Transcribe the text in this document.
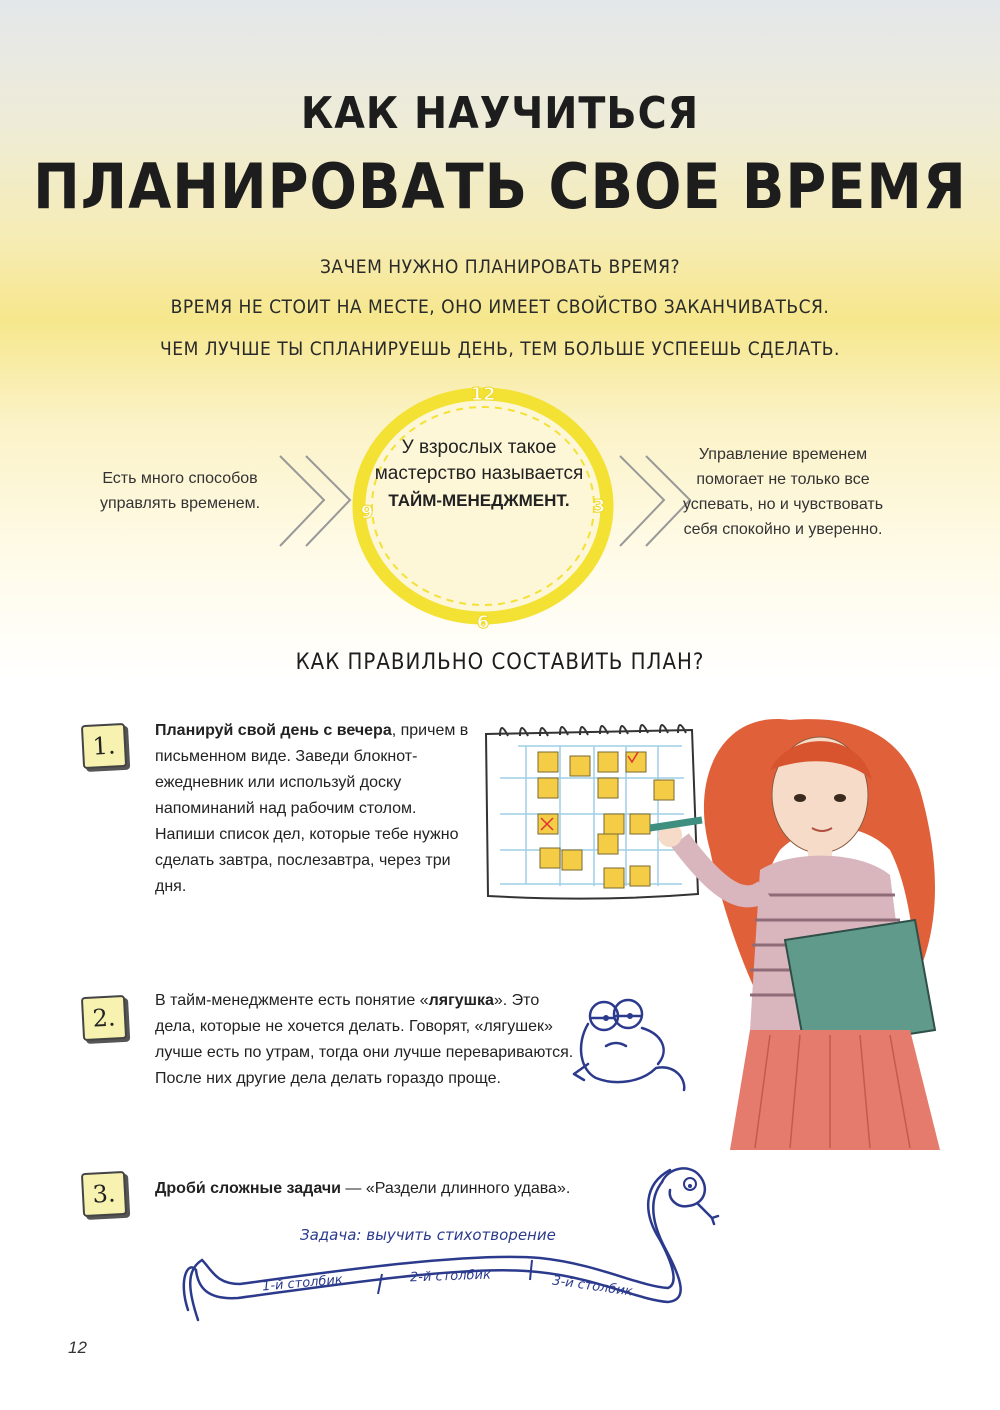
КАК НАУЧИТЬСЯ
ПЛАНИРОВАТЬ СВОЕ ВРЕМЯ
ЗАЧЕМ НУЖНО ПЛАНИРОВАТЬ ВРЕМЯ?
ВРЕМЯ НЕ СТОИТ НА МЕСТЕ, ОНО ИМЕЕТ СВОЙСТВО ЗАКАНЧИВАТЬСЯ.
ЧЕМ ЛУЧШЕ ТЫ СПЛАНИРУЕШЬ ДЕНЬ, ТЕМ БОЛЬШЕ УСПЕЕШЬ СДЕЛАТЬ.
Есть много способов управлять временем.
12
3
6
9
У взрослых такое мастерство называется
ТАЙМ-МЕНЕДЖМЕНТ.
Управление временем помогает не только все успевать, но и чувствовать себя спокойно и уверенно.
КАК ПРАВИЛЬНО СОСТАВИТЬ ПЛАН?
1.
Планируй свой день с вечера, причем в письменном виде. Заведи блокнот-ежедневник или используй доску напоминаний над рабочим столом. Напиши список дел, которые тебе нужно сделать завтра, послезавтра, через три дня.
2.
В тайм-менеджменте есть понятие «лягушка». Это дела, которые не хочется делать. Говорят, «лягушек» лучше есть по утрам, тогда они лучше перевариваются. После них другие дела делать гораздо проще.
3.	Дроби́ сложные задачи — «Раздели длинного удава».
Задача: выучить стихотворение
1-й столбик	2-й столбик	3-й столбик
12
